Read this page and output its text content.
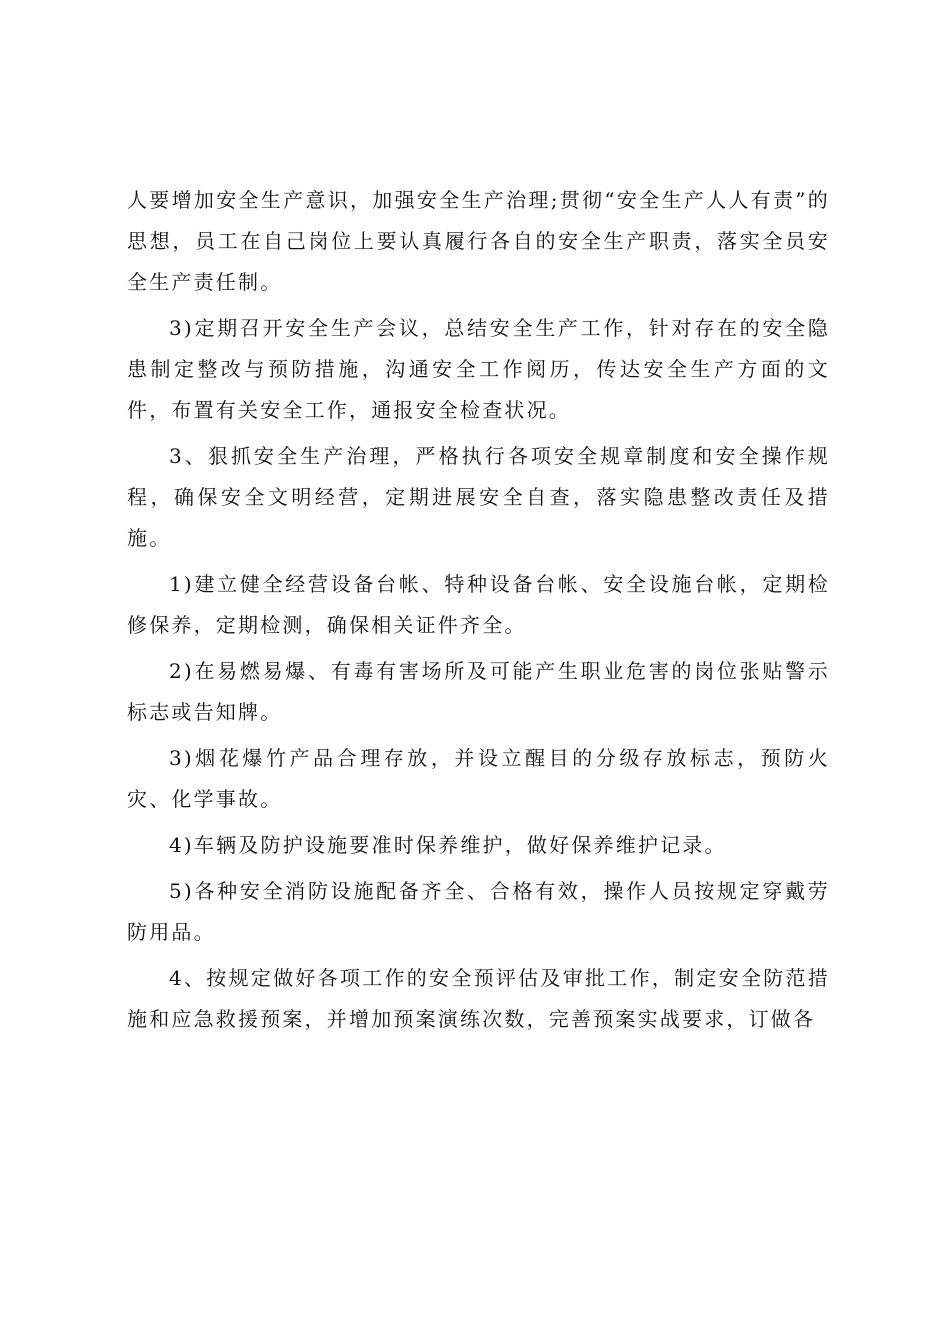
人要增加安全生产意识，加强安全生产治理;贯彻“安全生产人人有责”的思想，员工在自己岗位上要认真履行各自的安全生产职责，落实全员安全生产责任制。

3)定期召开安全生产会议，总结安全生产工作，针对存在的安全隐患制定整改与预防措施，沟通安全工作阅历，传达安全生产方面的文件，布置有关安全工作，通报安全检查状况。

3、狠抓安全生产治理，严格执行各项安全规章制度和安全操作规程，确保安全文明经营，定期进展安全自查，落实隐患整改责任及措施。

1)建立健全经营设备台帐、特种设备台帐、安全设施台帐，定期检修保养，定期检测，确保相关证件齐全。

2)在易燃易爆、有毒有害场所及可能产生职业危害的岗位张贴警示标志或告知牌。

3)烟花爆竹产品合理存放，并设立醒目的分级存放标志，预防火灾、化学事故。

4)车辆及防护设施要准时保养维护，做好保养维护记录。

5)各种安全消防设施配备齐全、合格有效，操作人员按规定穿戴劳防用品。

4、按规定做好各项工作的安全预评估及审批工作，制定安全防范措施和应急救援预案，并增加预案演练次数，完善预案实战要求，订做各
